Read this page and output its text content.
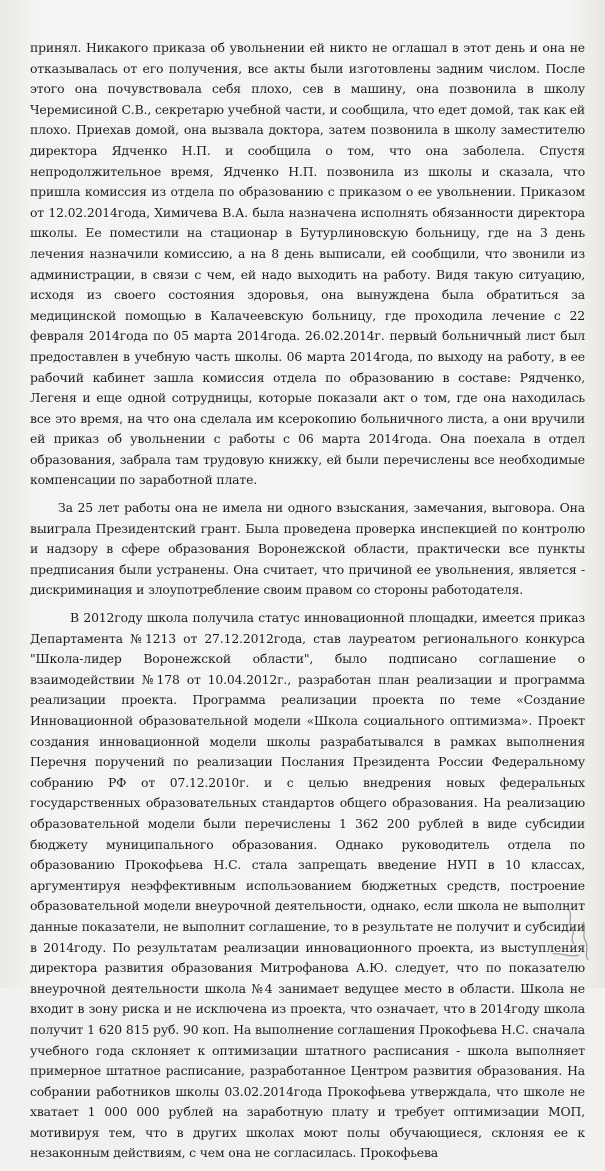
принял. Никакого приказа об увольнении ей никто не оглашал в этот день и она не отказывалась от его получения, все акты были изготовлены задним числом. После этого она почувствовала себя плохо, сев в машину, она позвонила в школу Черемисиной С.В., секретарю учебной части, и сообщила, что едет домой, так как ей плохо. Приехав домой, она вызвала доктора, затем позвонила в школу заместителю директора Ядченко Н.П. и сообщила о том, что она заболела. Спустя непродолжительное время, Ядченко Н.П. позвонила из школы и сказала, что пришла комиссия из отдела по образованию с приказом о ее увольнении. Приказом от 12.02.2014года, Химичева В.А. была назначена исполнять обязанности директора школы. Ее поместили на стационар в Бутурлиновскую больницу, где на 3 день лечения назначили комиссию, а на 8 день выписали, ей сообщили, что звонили из администрации, в связи с чем, ей надо выходить на работу. Видя такую ситуацию, исходя из своего состояния здоровья, она вынуждена была обратиться за медицинской помощью в Калачеевскую больницу, где проходила лечение с 22 февраля 2014года по 05 марта 2014года. 26.02.2014г. первый больничный лист был предоставлен в учебную часть школы. 06 марта 2014года, по выходу на работу, в ее рабочий кабинет зашла комиссия отдела по образованию в составе: Рядченко, Легеня и еще одной сотрудницы, которые показали акт о том, где она находилась все это время, на что она сделала им ксерокопию больничного листа, а они вручили ей приказ об увольнении с работы с 06 марта 2014года. Она поехала в отдел образования, забрала там трудовую книжку, ей были перечислены все необходимые компенсации по заработной плате.

За 25 лет работы она не имела ни одного взыскания, замечания, выговора. Она выиграла Президентский грант. Была проведена проверка инспекцией по контролю и надзору в сфере образования Воронежской области, практически все пункты предписания были устранены. Она считает, что причиной ее увольнения, является - дискриминация и злоупотребление своим правом со стороны работодателя.

В 2012году школа получила статус инновационной площадки, имеется приказ Департамента №1213 от 27.12.2012года, став лауреатом регионального конкурса "Школа-лидер Воронежской области", было подписано соглашение о взаимодействии №178 от 10.04.2012г., разработан план реализации и программа реализации проекта. Программа реализации проекта по теме «Создание Инновационной образовательной модели «Школа социального оптимизма». Проект создания инновационной модели школы разрабатывался в рамках выполнения Перечня поручений по реализации Послания Президента России Федеральному собранию РФ от 07.12.2010г. и с целью внедрения новых федеральных государственных образовательных стандартов общего образования. На реализацию образовательной модели были перечислены 1 362 200 рублей в виде субсидии бюджету муниципального образования. Однако руководитель отдела по образованию Прокофьева Н.С. стала запрещать введение НУП в 10 классах, аргументируя неэффективным использованием бюджетных средств, построение образовательной модели внеурочной деятельности, однако, если школа не выполнит данные показатели, не выполнит соглашение, то в результате не получит и субсидии в 2014году. По результатам реализации инновационного проекта, из выступления директора развития образования Митрофанова А.Ю. следует, что по показателю внеурочной деятельности школа №4 занимает ведущее место в области. Школа не входит в зону риска и не исключена из проекта, что означает, что в 2014году школа получит 1 620 815 руб. 90 коп. На выполнение соглашения Прокофьева Н.С. сначала учебного года склоняет к оптимизации штатного расписания - школа выполняет примерное штатное расписание, разработанное Центром развития образования. На собрании работников школы 03.02.2014года Прокофьева утверждала, что школе не хватает 1 000 000 рублей на заработную плату и требует оптимизации МОП, мотивируя тем, что в других школах моют полы обучающиеся, склоняя ее к незаконным действиям, с чем она не согласилась. Прокофьева
